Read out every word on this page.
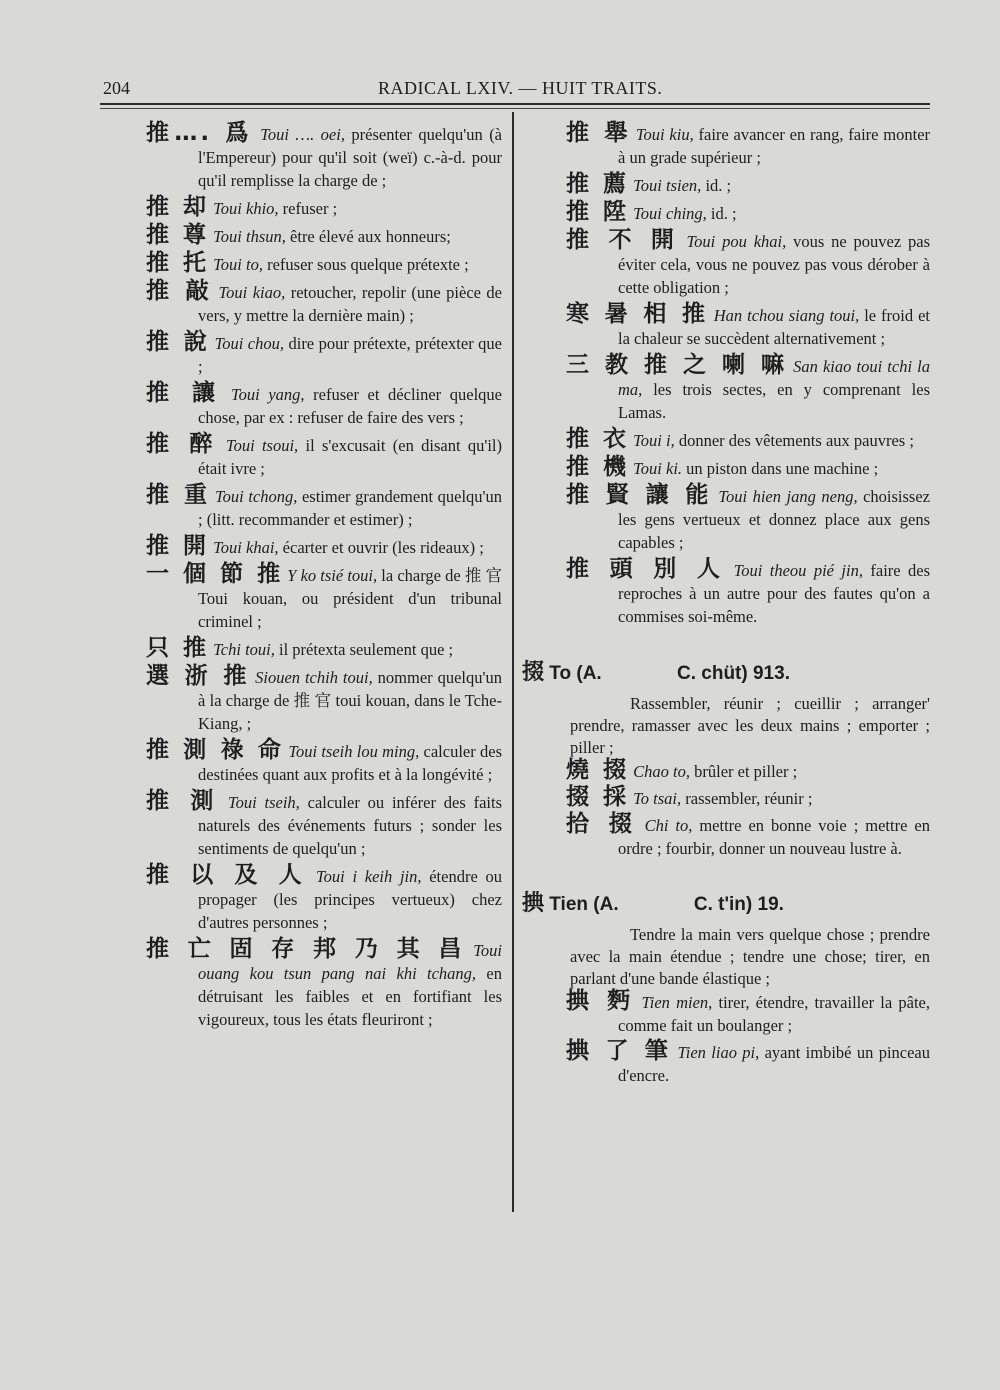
204	RADICAL LXIV. — HUIT TRAITS.
推…. 爲 Toui …. oei, présenter quelqu'un (à l'Empereur) pour qu'il soit (weï) c.-à-d. pour qu'il remplisse la charge de ;
推 却 Toui khio, refuser ;
推 尊 Toui thsun, être élevé aux honneurs;
推 托 Toui to, refuser sous quelque prétexte ;
推 敲 Toui kiao, retoucher, repolir (une pièce de vers, y mettre la dernière main) ;
推 說 Toui chou, dire pour prétexte, prétexter que ;
推 讓 Toui yang, refuser et décliner quelque chose, par ex : refuser de faire des vers ;
推 醉 Toui tsoui, il s'excusait (en disant qu'il) était ivre ;
推 重 Toui tchong, estimer grandement quelqu'un ; (litt. recommander et estimer) ;
推 開 Toui khai, écarter et ouvrir (les rideaux) ;
一 個 節 推 Y ko tsié toui, la charge de 推 官 Toui kouan, ou président d'un tribunal criminel ;
只 推 Tchi toui, il prétexta seulement que ;
選 浙 推 Siouen tchih toui, nommer quelqu'un à la charge de 推 官 toui kouan, dans le Tche-Kiang, ;
推 測 祿 命 Toui tseih lou ming, calculer des destinées quant aux profits et à la longévité ;
推 測 Toui tseih, calculer ou inférer des faits naturels des événements futurs ; sonder les sentiments de quelqu'un ;
推 以 及 人 Toui i keih jin, étendre ou propager (les principes vertueux) chez d'autres personnes ;
推 亡 固 存 邦 乃 其 昌 Toui ouang kou tsun pang nai khi tchang, en détruisant les faibles et en fortifiant les vigoureux, tous les états fleuriront ;
推 舉 Toui kiu, faire avancer en rang, faire monter à un grade supérieur ;
推 薦 Toui tsien, id. ;
推 陞 Toui ching, id. ;
推 不 開 Toui pou khai, vous ne pouvez pas éviter cela, vous ne pouvez pas vous dérober à cette obligation ;
寒 暑 相 推 Han tchou siang toui, le froid et la chaleur se succèdent alternativement ;
三 教 推 之 喇 嘛 San kiao toui tchi la ma, les trois sectes, en y comprenant les Lamas.
推 衣 Toui i, donner des vêtements aux pauvres ;
推 機 Toui ki. un piston dans une machine ;
推 賢 讓 能 Toui hien jang neng, choisissez les gens vertueux et donnez place aux gens capables ;
推 頭 別 人 Toui theou pié jin, faire des reproches à un autre pour des fautes qu'on a commises soi-même.
掇 To (A.	C. chüt) 913.
Rassembler, réunir ; cueillir ; arranger' prendre, ramasser avec les deux mains ; emporter ; piller ;
燒 掇 Chao to, brûler et piller ;
掇 採 To tsai, rassembler, réunir ;
拾 掇 Chi to, mettre en bonne voie ; mettre en ordre ; fourbir, donner un nouveau lustre à.
捵 Tien (A.	C. t'in) 19.
Tendre la main vers quelque chose ; prendre avec la main étendue ; tendre une chose; tirer, en parlant d'une bande élastique ;
捵 麪 Tien mien, tirer, étendre, travailler la pâte, comme fait un boulanger ;
捵 了 筆 Tien liao pi, ayant imbibé un pinceau d'encre.
